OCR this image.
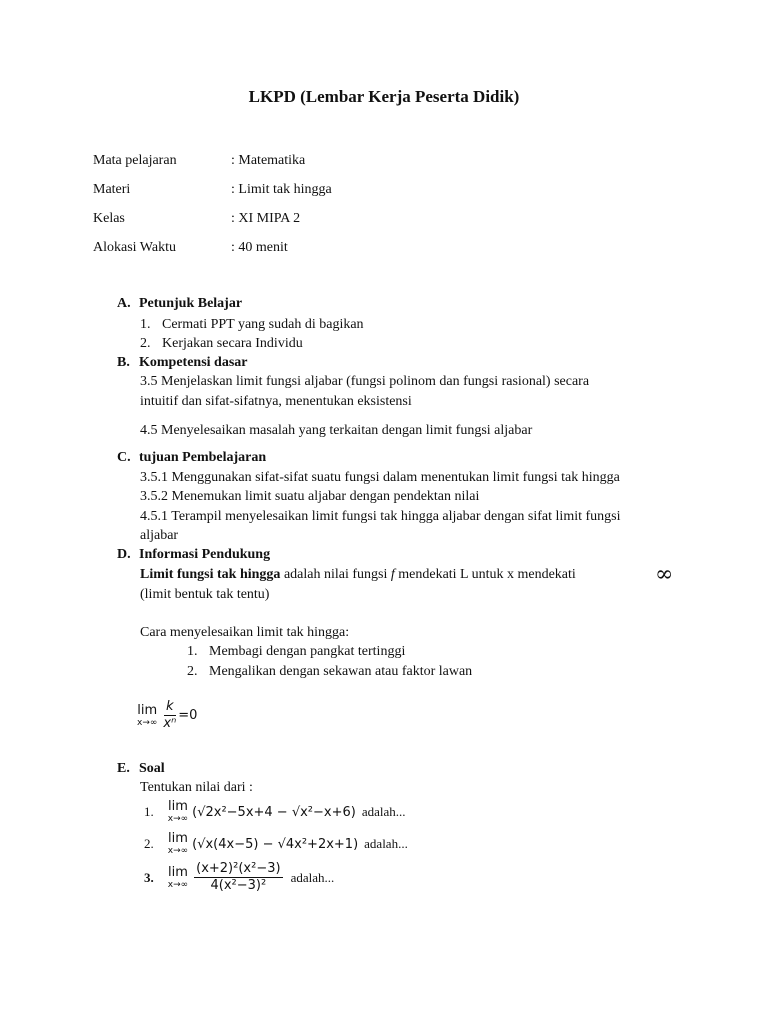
LKPD (Lembar Kerja Peserta Didik)
Mata pelajaran	: Matematika
Materi	: Limit tak hingga
Kelas	: XI MIPA 2
Alokasi Waktu	: 40 menit
A. Petunjuk Belajar
1. Cermati PPT yang sudah di bagikan
2. Kerjakan secara Individu
B. Kompetensi dasar
3.5 Menjelaskan limit fungsi aljabar (fungsi polinom dan fungsi rasional) secara
intuitif dan sifat-sifatnya, menentukan eksistensi
4.5 Menyelesaikan masalah yang terkaitan dengan limit fungsi aljabar
C. tujuan Pembelajaran
3.5.1 Menggunakan sifat-sifat suatu fungsi dalam menentukan limit fungsi tak hingga
3.5.2 Menemukan limit suatu aljabar dengan pendektan nilai
4.5.1 Terampil menyelesaikan limit fungsi tak hingga aljabar dengan sifat limit fungsi
aljabar
D. Informasi Pendukung
Limit fungsi tak hingga adalah nilai fungsi f mendekati L untuk x mendekati	∞
(limit bentuk tak tentu)
Cara menyelesaikan limit tak hingga:
1. Membagi dengan pangkat tertinggi
2. Mengalikan dengan sekawan atau faktor lawan
lim
$x\to\infty \frac{k}{\text{xⁿ}} =0$
E. Soal
Tentukan nilai dari :
1. lim
x→∞ (√2x²−5x+4 − √x²−x+6) adalah...
2. lim
x→∞ (√x(4x−5) − √4x²+2x+1) adalah...
3. lim
$x\to\infty \frac{\text{(x+2)²(x²−3)}}{\text{4(x²−3)²}}$ adalah...
